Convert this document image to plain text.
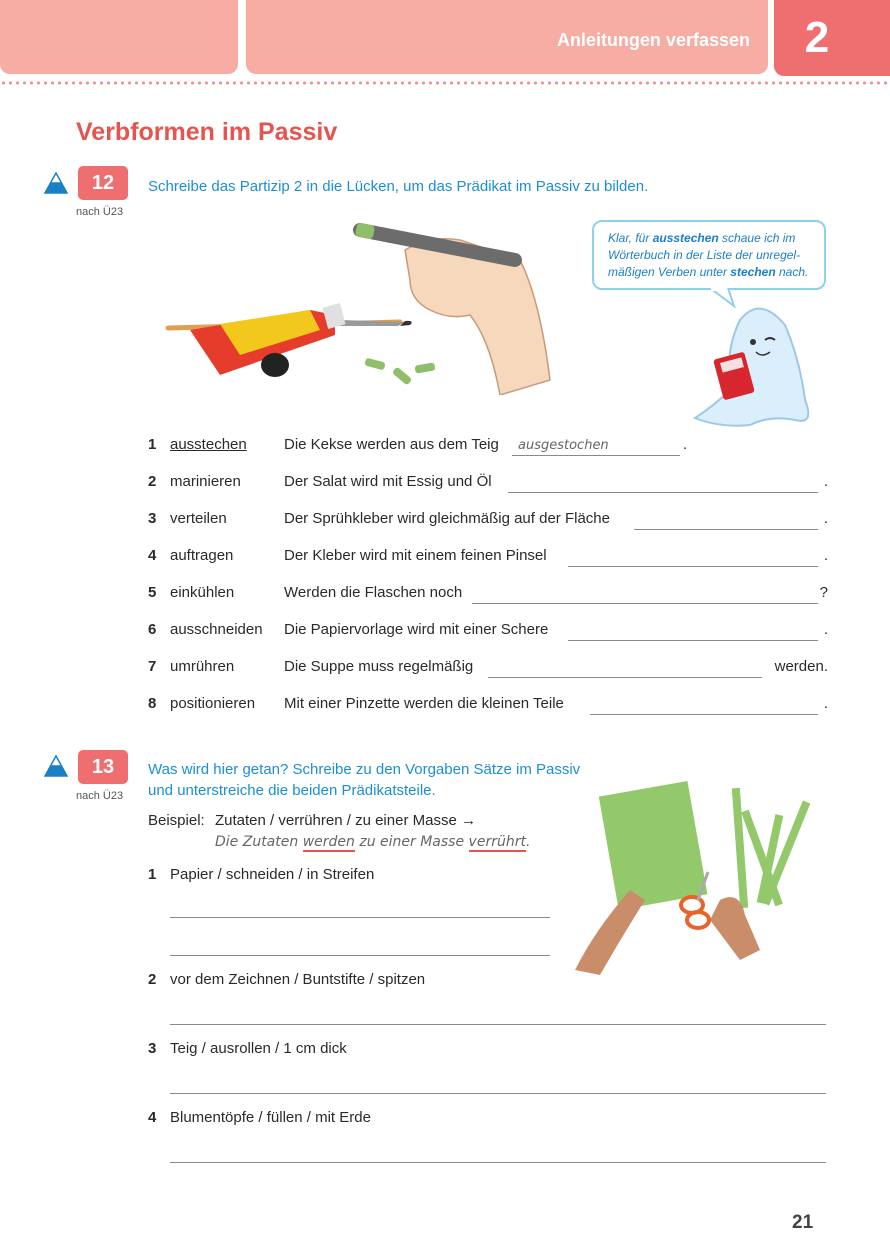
Anleitungen verfassen	2
Verbformen im Passiv
12
nach Ü23
Schreibe das Partizip 2 in die Lücken, um das Prädikat im Passiv zu bilden.
Klar, für ausstechen schaue ich im Wörterbuch in der Liste der unregel-mäßigen Verben unter stechen nach.
1 ausstechen Die Kekse werden aus dem Teig ausgestochen	.
2 marinieren	Der Salat wird mit Essig und Öl	.
3 verteilen	Der Sprühkleber wird gleichmäßig auf der Fläche	.
4 auftragen	Der Kleber wird mit einem feinen Pinsel	.
5 einkühlen	Werden die Flaschen noch	?
6 ausschneiden Die Papiervorlage wird mit einer Schere	.
7 umrühren	Die Suppe muss regelmäßig	werden.
8 positionieren Mit einer Pinzette werden die kleinen Teile	.
13
nach Ü23
Was wird hier getan? Schreibe zu den Vorgaben Sätze im Passiv
und unterstreiche die beiden Prädikatsteile.
Beispiel: Zutaten / verrühren / zu einer Masse →
Die Zutaten werden zu einer Masse verrührt.
1 Papier / schneiden / in Streifen
2 vor dem Zeichnen / Buntstifte / spitzen
3 Teig / ausrollen / 1 cm dick
4 Blumentöpfe / füllen / mit Erde
21
